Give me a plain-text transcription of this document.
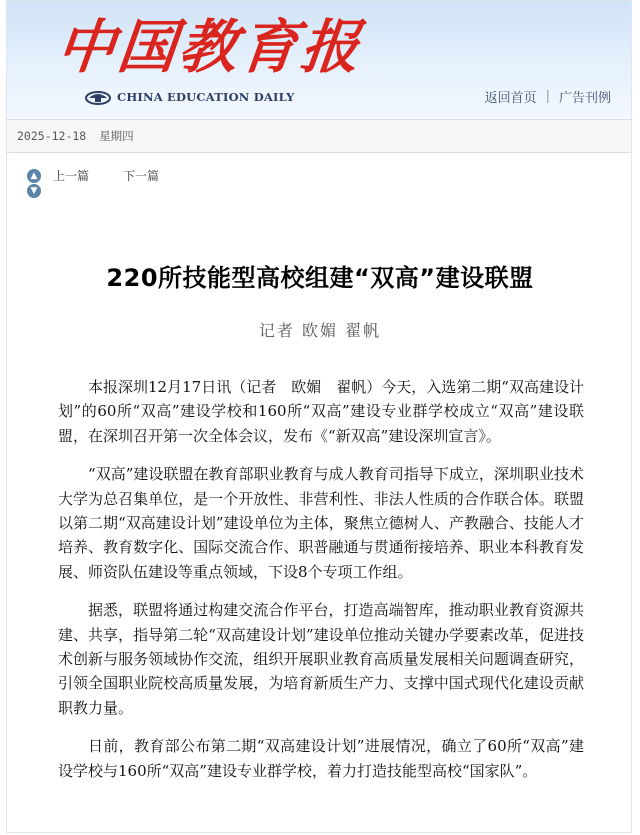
中国教育报
CHINA EDUCATION DAILY	返回首页 | 广告刊例
2025-12-18 星期四
▲
▼
上一篇	下一篇
220所技能型高校组建“双高”建设联盟
记者 欧媚 翟帆

本报深圳12月17日讯（记者　欧媚　翟帆）今天，入选第二期“双高建设计划”的60所“双高”建设学校和160所“双高”建设专业群学校成立“双高”建设联盟，在深圳召开第一次全体会议，发布《“新双高”建设深圳宣言》。

“双高”建设联盟在教育部职业教育与成人教育司指导下成立，深圳职业技术大学为总召集单位，是一个开放性、非营利性、非法人性质的合作联合体。联盟以第二期“双高建设计划”建设单位为主体，聚焦立德树人、产教融合、技能人才培养、教育数字化、国际交流合作、职普融通与贯通衔接培养、职业本科教育发展、师资队伍建设等重点领域，下设8个专项工作组。

据悉，联盟将通过构建交流合作平台，打造高端智库，推动职业教育资源共建、共享，指导第二轮“双高建设计划”建设单位推动关键办学要素改革，促进技术创新与服务领域协作交流，组织开展职业教育高质量发展相关问题调查研究，引领全国职业院校高质量发展，为培育新质生产力、支撑中国式现代化建设贡献职教力量。

日前，教育部公布第二期“双高建设计划”进展情况，确立了60所“双高”建设学校与160所“双高”建设专业群学校，着力打造技能型高校“国家队”。
